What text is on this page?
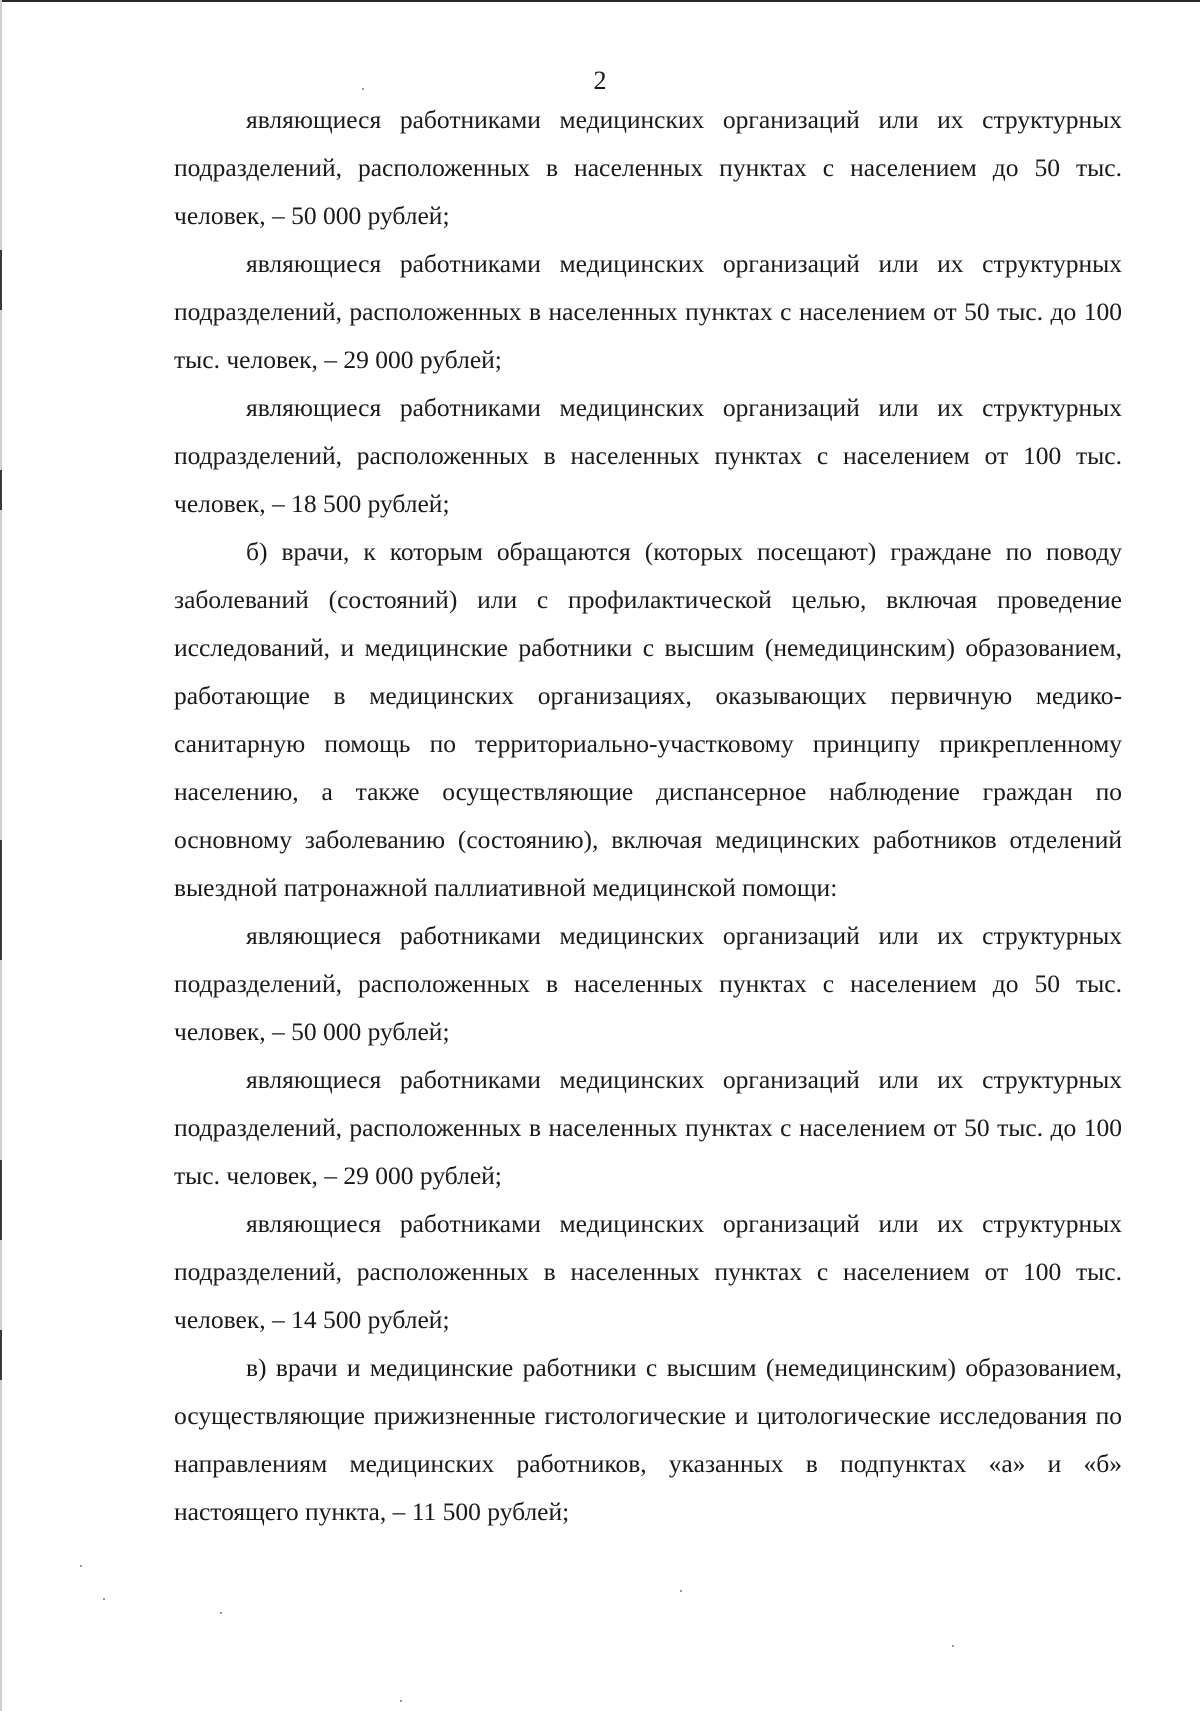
2

являющиеся работниками медицинских организаций или их структурных подразделений, расположенных в населенных пунктах с населением до 50 тыс. человек, – 50 000 рублей;

являющиеся работниками медицинских организаций или их структурных подразделений, расположенных в населенных пунктах с населением от 50 тыс. до 100 тыс. человек, – 29 000 рублей;

являющиеся работниками медицинских организаций или их структурных подразделений, расположенных в населенных пунктах с населением от 100 тыс. человек, – 18 500 рублей;

б) врачи, к которым обращаются (которых посещают) граждане по поводу заболеваний (состояний) или с профилактической целью, включая проведение исследований, и медицинские работники с высшим (немедицинским) образованием, работающие в медицинских организациях, оказывающих первичную медико-санитарную помощь по территориально-участковому принципу прикрепленному населению, а также осуществляющие диспансерное наблюдение граждан по основному заболеванию (состоянию), включая медицинских работников отделений выездной патронажной паллиативной медицинской помощи:

являющиеся работниками медицинских организаций или их структурных подразделений, расположенных в населенных пунктах с населением до 50 тыс. человек, – 50 000 рублей;

являющиеся работниками медицинских организаций или их структурных подразделений, расположенных в населенных пунктах с населением от 50 тыс. до 100 тыс. человек, – 29 000 рублей;

являющиеся работниками медицинских организаций или их структурных подразделений, расположенных в населенных пунктах с населением от 100 тыс. человек, – 14 500 рублей;

в) врачи и медицинские работники с высшим (немедицинским) образованием, осуществляющие прижизненные гистологические и цитологические исследования по направлениям медицинских работников, указанных в подпунктах «а» и «б» настоящего пункта, – 11 500 рублей;
